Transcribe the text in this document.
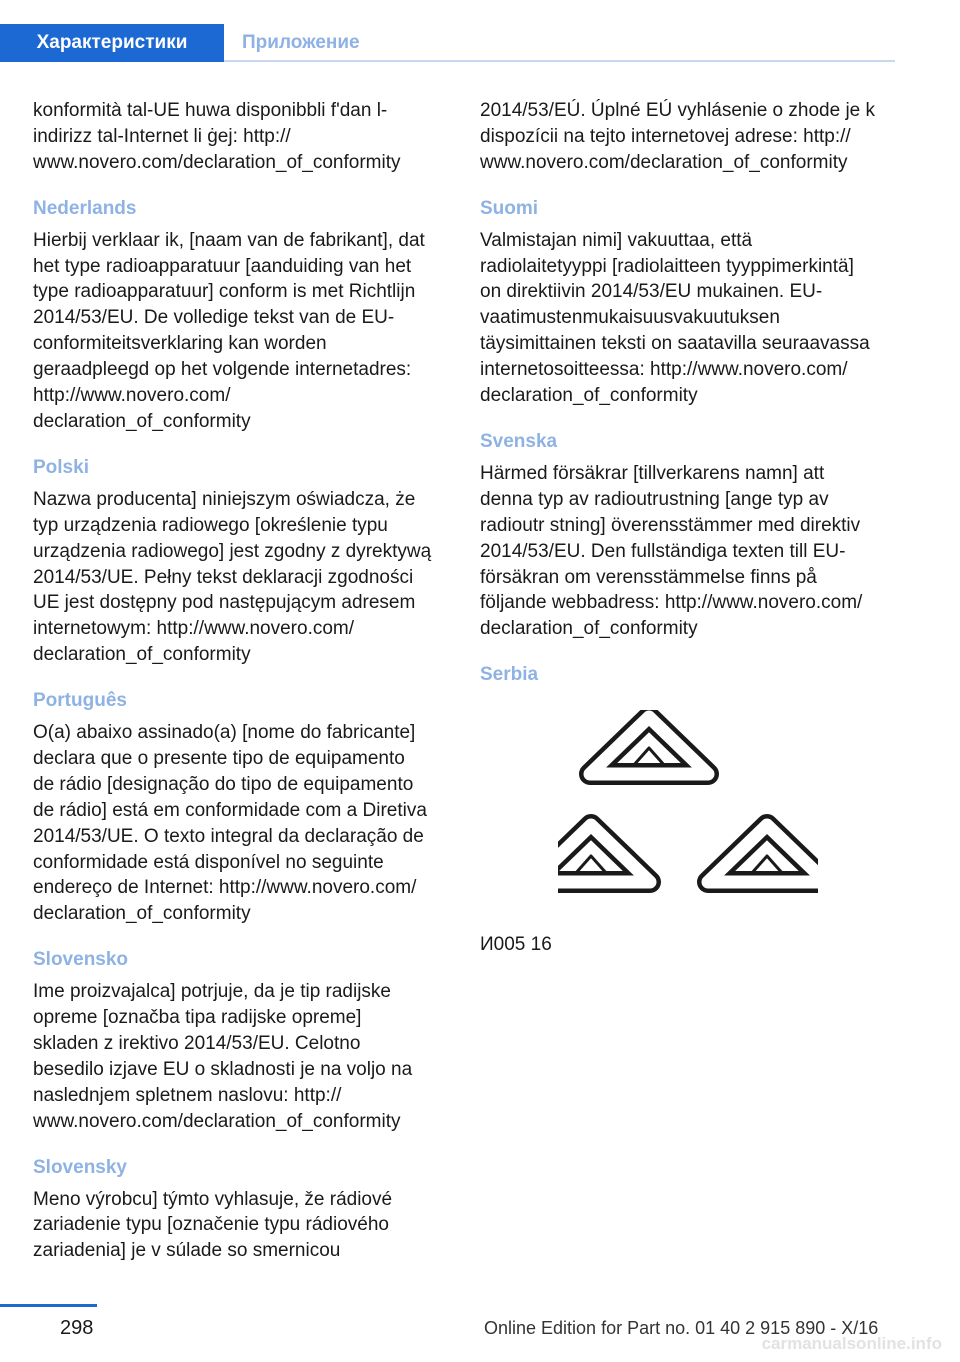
Характеристики	Приложение

konformità tal-UE huwa disponibbli f'dan l-
indirizz tal-Internet li ġej: http://
www.novero.com/declaration_of_conformity

Nederlands

Hierbij verklaar ik, [naam van de fabrikant], dat
het type radioapparatuur [aanduiding van het
type radioapparatuur] conform is met Richtlijn
2014/53/EU. De volledige tekst van de EU-
conformiteitsverklaring kan worden
geraadpleegd op het volgende internetadres:
http://www.novero.com/
declaration_of_conformity

Polski

Nazwa producenta] niniejszym oświadcza, że
typ urządzenia radiowego [określenie typu
urządzenia radiowego] jest zgodny z dyrektywą
2014/53/UE. Pełny tekst deklaracji zgodności
UE jest dostępny pod następującym adresem
internetowym: http://www.novero.com/
declaration_of_conformity

Português

O(a) abaixo assinado(a) [nome do fabricante]
declara que o presente tipo de equipamento
de rádio [designação do tipo de equipamento
de rádio] está em conformidade com a Diretiva
2014/53/UE. O texto integral da declaração de
conformidade está disponível no seguinte
endereço de Internet: http://www.novero.com/
declaration_of_conformity

Slovensko

Ime proizvajalca] potrjuje, da je tip radijske
opreme [označba tipa radijske opreme]
skladen z irektivo 2014/53/EU. Celotno
besedilo izjave EU o skladnosti je na voljo na
naslednjem spletnem naslovu: http://
www.novero.com/declaration_of_conformity

Slovensky

Meno výrobcu] týmto vyhlasuje, že rádiové
zariadenie typu [označenie typu rádiového
zariadenia] je v súlade so smernicou

2014/53/EÚ. Úplné EÚ vyhlásenie o zhode je k
dispozícii na tejto internetovej adrese: http://
www.novero.com/declaration_of_conformity

Suomi

Valmistajan nimi] vakuuttaa, että
radiolaitetyyppi [radiolaitteen tyyppimerkintä]
on direktiivin 2014/53/EU mukainen. EU-
vaatimustenmukaisuusvakuutuksen
täysimittainen teksti on saatavilla seuraavassa
internetosoitteessa: http://www.novero.com/
declaration_of_conformity

Svenska

Härmed försäkrar [tillverkarens namn] att
denna typ av radioutrustning [ange typ av
radioutr stning] överensstämmer med direktiv
2014/53/EU. Den fullständiga texten till EU-
försäkran om verensstämmelse finns på
följande webbadress: http://www.novero.com/
declaration_of_conformity

Serbia
И005 16
298	Online Edition for Part no. 01 40 2 915 890 - X/16
carmanualsonline.info
